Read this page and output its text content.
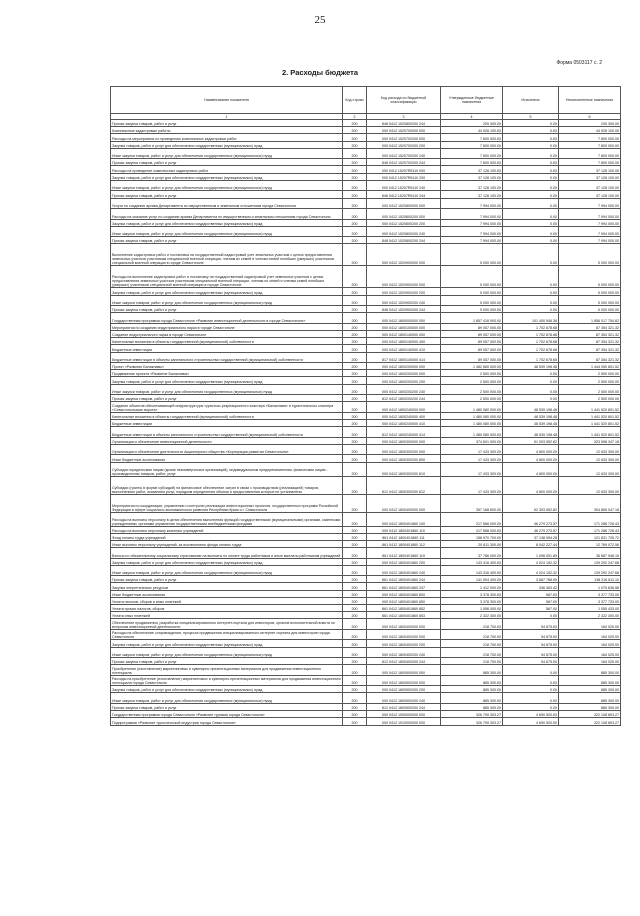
25
Форма 0503117 с. 2
2. Расходы бюджета
Наименование показателя	Код строки	Код расхода по бюджетной классификации	Утвержденные бюджетные назначения	Исполнено	Неисполненные назначения
1	2	3	4	5	6
Прочая закупка товаров, работ и услуг	200	848 0412 1520800200 244	205 300.00	0.00	205 300.00
Комплексные кадастровые работы	200	000 0412 1520700000 000	44 928 100.00	0.00	44 928 100.00
Расходы на мероприятия по проведению комплексных кадастровых работ	200	000 0412 1520700200 000	7 800 000.00	0.00	7 800 000.00
Закупка товаров, работ и услуг для обеспечения государственных (муниципальных) нужд	200	000 0412 1520700200 200	7 800 000.00	0.00	7 800 000.00
Иные закупки товаров, работ и услуг для обеспечения государственных (муниципальных) нужд	200	000 0412 1520700200 240	7 800 000.00	0.00	7 800 000.00
Прочая закупка товаров, работ и услуг	200	848 0412 1520700200 244	7 800 000.00	0.00	7 800 000.00
Расходы на проведение комплексных кадастровых работ	200	000 0412 15207R5110 000	37 128 100.00	0.00	37 128 100.00
Закупка товаров, работ и услуг для обеспечения государственных (муниципальных) нужд	200	000 0412 15207R5110 200	37 128 100.00	0.00	37 128 100.00
Иные закупки товаров, работ и услуг для обеспечения государственных (муниципальных) нужд	200	000 0412 15207R5110 240	37 128 100.00	0.00	37 128 100.00
Прочая закупка товаров, работ и услуг	200	848 0412 15207R5110 244	37 128 100.00	0.00	37 128 100.00
Услуги по созданию архива Департамента по имущественным и земельным отношениям города Севастополя	200	000 0412 1520800000 000	7 994 000.00	0.00	7 994 000.00
Расходы на оказание услуг по созданию архива Департамента по имущественным и земельным отношениям города Севастополя	200	000 0412 1520800200 000	7 994 000.00	0.00	7 994 000.00
Закупка товаров, работ и услуг для обеспечения государственных (муниципальных) нужд	200	000 0412 1520800200 200	7 994 000.00	0.00	7 994 000.00
Иные закупки товаров, работ и услуг для обеспечения государственных (муниципальных) нужд	200	000 0412 1520800200 240	7 994 000.00	0.00	7 994 000.00
Прочая закупка товаров, работ и услуг	200	848 0412 1520800200 244	7 994 000.00	0.00	7 994 000.00
Выполнение кадастровых работ и постановка на государственный кадастровый учет земельных участков с целью предоставления земельных участков участникам специальной военной операции, членам их семей и членам семей погибших (умерших) участников специальной военной операции в городе Севастополе	200	000 0412 1520900000 000	5 000 000.00	0.00	5 000 000.00
Расходы на выполнение кадастровых работ и постановку на государственный кадастровый учет земельных участков с целью предоставления земельных участков участникам специальной военной операции, членам их семей и членам семей погибших (умерших) участников специальной военной операции в городе Севастополе	200	000 0412 1520900200 000	5 000 000.00	0.00	5 000 000.00
Закупка товаров, работ и услуг для обеспечения государственных (муниципальных) нужд	200	000 0412 1520900200 200	5 000 000.00	0.00	5 000 000.00
Иные закупки товаров, работ и услуг для обеспечения государственных (муниципальных) нужд	200	000 0412 1520900200 240	5 000 000.00	0.00	5 000 000.00
Прочая закупка товаров, работ и услуг	200	848 0412 1520900200 244	5 000 000.00	0.00	5 000 000.00
Государственная программа города Севастополя «Развитие инвестиционной деятельности в городе Севастополе»	200	000 0412 1800000000 000	1 857 418 900.00	101 400 546.38	1 856 017 754.62
Мероприятия по созданию индустриального парка в городе Севастополе	200	000 0412 1800100000 000	89 057 000.00	1 702 678.68	87 354 321.32
Создание индустриального парка в городе Севастополе	200	000 0412 1800140000 000	89 057 000.00	1 702 678.68	87 354 321.32
Капитальные вложения в объекты государственной (муниципальной) собственности	200	000 0412 1800140000 400	89 057 000.00	1 702 678.68	87 354 321.32
Бюджетные инвестиции	200	000 0412 1800140000 410	89 057 000.00	1 702 678.68	87 354 321.32
Бюджетные инвестиции в объекты капитального строительства государственной (муниципальной) собственности	200	817 0412 1800140000 414	89 057 000.00	1 702 678.68	87 354 321.32
Проект «Развитие Балаклавы»	200	000 0412 1800200000 000	1 482 660 000.00	48 539 198.48	1 444 050 801.52
Продвижение проекта «Развитие Балаклавы»	200	000 0412 1800200200 000	2 500 000.00	0.00	2 500 000.00
Закупка товаров, работ и услуг для обеспечения государственных (муниципальных) нужд	200	000 0412 1800200200 200	2 500 000.00	0.00	2 500 000.00
Иные закупки товаров, работ и услуг для обеспечения государственных (муниципальных) нужд	200	000 0412 1800200200 240	2 500 000.00	0.00	2 500 000.00
Прочая закупка товаров, работ и услуг	200	812 0412 1800200200 244	2 500 000.00	0.00	2 500 000.00
Создание объектов обеспечивающей инфраструктуры туристско-рекреационного кластера «Балаклава» и туристического кластера «Севастопольские ворота»	200	000 0412 1800240000 000	1 480 080 000.00	48 539 198.48	1 441 520 801.52
Капитальные вложения в объекты государственной (муниципальной) собственности	200	000 0412 1800240000 400	1 480 080 000.00	48 539 198.48	1 441 520 801.52
Бюджетные инвестиции	200	000 0412 1800240000 410	1 480 080 000.00	48 539 198.48	1 441 520 801.52
Бюджетные инвестиции в объекты капитального строительства государственной (муниципальной) собственности	200	812 0412 1800240000 414	1 480 080 000.00	48 539 198.48	1 441 520 801.52
Организация и обеспечение инвестиционной деятельности	200	000 0412 1800300000 000	374 601 900.00	51 003 552.82	323 598 347.18
Организация и обеспечение деятельности Акционерного общества «Корпорация развития Севастополя»	200	000 0412 1800300200 000	17 433 300.00	4 800 000.00	12 633 300.00
Иные бюджетные ассигнования	200	000 0412 1800300200 800	17 433 300.00	4 800 000.00	12 633 300.00
Субсидии юридическим лицам (кроме некоммерческих организаций), индивидуальным предпринимателям, физическим лицам - производителям товаров, работ, услуг	200	000 0412 1800300200 810	17 433 300.00	4 800 000.00	12 633 300.00
Субсидии (гранты в форме субсидий) на финансовое обеспечение затрат в связи с производством (реализацией) товаров, выполнением работ, оказанием услуг, порядком определения объема и предоставления которых не установлены	200	812 0412 1800300200 812	17 433 300.00	4 800 000.00	12 633 300.00
Мероприятия по координации, управлению и контролю реализации инвестиционных проектов, государственных программ Российской Федерации в сфере социально-экономического развития Республики Крым и г. Севастополя	200	000 0412 1800400000 000	357 168 600.00	52 303 552.82	304 865 047.18
Расходы на выплаты персоналу в целях обеспечения выполнения функций государственными (муниципальными) органами, казенными учреждениями, органами управления государственными внебюджетными фондами	200	000 0412 1800401860 100	217 568 000.00	46 279 273.57	171 288 726.43
Расходы на выплаты персоналу казенных учреждений	200	000 0412 1800401860 110	217 568 000.00	46 279 273.57	171 288 726.43
Фонд оплаты труда учреждений	200	861 0412 1800401860 111	158 970 700.00	37 138 994.28	121 831 705.72
Иные выплаты персоналу учреждений, за исключением фонда оплаты труда	200	861 0412 1800401860 112	20 811 300.00	8 042 227.44	12 769 072.56
Взносы по обязательному социальному страхованию на выплаты по оплате труда работников и иные выплаты работникам учреждений	200	861 0412 1800401860 119	37 786 000.00	1 098 051.85	36 687 948.15
Закупка товаров, работ и услуг для обеспечения государственных (муниципальных) нужд	200	000 0412 1800401860 200	143 316 400.00	4 024 152.32	139 292 247.68
Иные закупки товаров, работ и услуг для обеспечения государственных (муниципальных) нужд	200	000 0412 1800401860 240	143 316 400.00	4 024 152.32	139 292 247.68
Прочая закупка товаров, работ и услуг	200	861 0412 1800401860 244	141 904 400.00	3 687 788.90	138 216 611.10
Закупка энергетических ресурсов	200	861 0412 1800401860 247	1 412 000.00	336 363.42	1 075 636.58
Иные бюджетные ассигнования	200	000 0412 1800401860 800	3 378 300.00	567.00	3 377 733.00
Уплата налогов, сборов и иных платежей	200	000 0412 1800401860 850	3 378 300.00	567.00	3 377 733.00
Уплата прочих налогов, сборов	200	861 0412 1800401860 852	1 056 000.00	567.00	1 055 433.00
Уплата иных платежей	200	861 0412 1800401860 853	2 322 300.00	0.00	2 322 300.00
Обеспечение продвижения, разработка специализированного интернет-портала для инвесторов, органов исполнительной власти по вопросам инвестиционной деятельности	200	000 0412 1800400000 000	218 700.00	54 675.00	164 025.00
Расходы на обеспечение сопровождения, процесса продвижения специализированного интернет-портала для инвесторов города Севастополя	200	000 0412 1800400200 000	218 700.00	54 675.00	164 025.00
Закупка товаров, работ и услуг для обеспечения государственных (муниципальных) нужд	200	000 0412 1800400200 200	218 700.00	54 675.00	164 025.00
Иные закупки товаров, работ и услуг для обеспечения государственных (муниципальных) нужд	200	000 0412 1800400200 240	218 700.00	54 675.00	164 025.00
Прочая закупка товаров, работ и услуг	200	812 0412 1800400200 244	218 700.00	54 675.00	164 025.00
Приобретение (изготовление) маркетинговых и сувенирно-презентационных материалов для продвижения инвестиционного потенциала	200	000 0412 1800500000 000	885 300.00	0.00	885 300.00
Расходы на приобретение (изготовление) маркетинговых и сувенирно-презентационных материалов для продвижения инвестиционного потенциала города Севастополя	200	000 0412 1800500200 000	885 300.00	0.00	885 300.00
Закупка товаров, работ и услуг для обеспечения государственных (муниципальных) нужд	200	000 0412 1800500200 200	885 300.00	0.00	885 300.00
Иные закупки товаров, работ и услуг для обеспечения государственных (муниципальных) нужд	200	000 0412 1800500200 240	885 300.00	0.00	885 300.00
Прочая закупка товаров, работ и услуг	200	812 0412 1800500200 244	885 300.00	0.00	885 300.00
Государственная программа города Севастополя «Развитие туризма города Севастополя»	200	000 0412 1900000000 000	326 799 303.27	4 690 500.00	322 108 803.27
Подпрограмма «Развитие туристической индустрии города Севастополя»	200	000 0412 1910000000 000	326 799 303.27	4 690 500.00	322 108 803.27
